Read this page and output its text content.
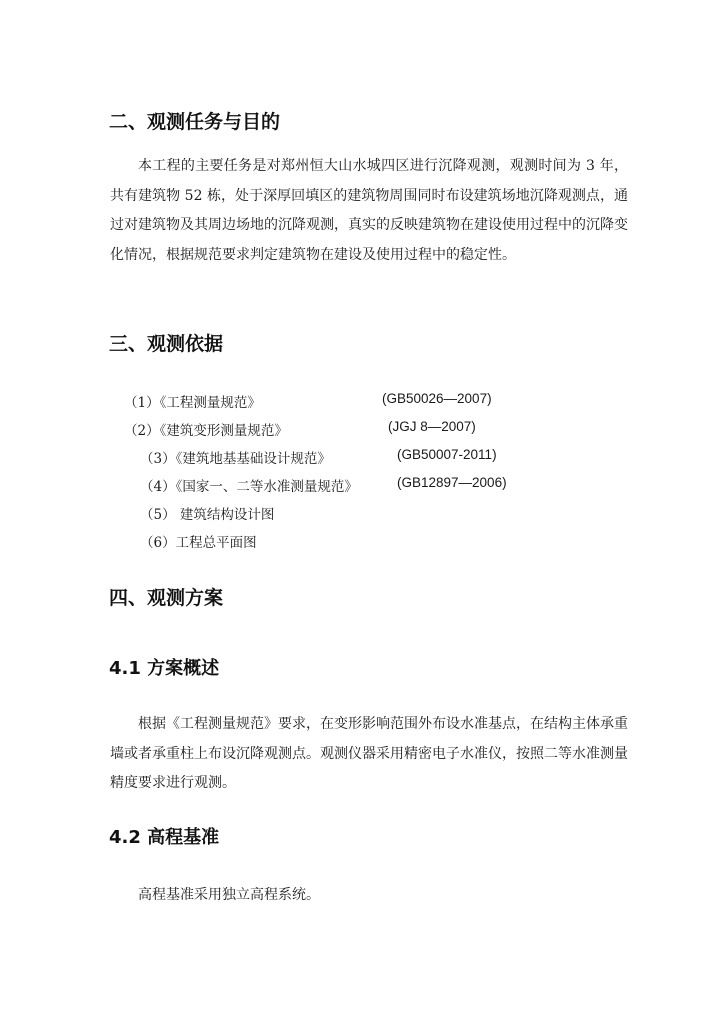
二、观测任务与目的

本工程的主要任务是对郑州恒大山水城四区进行沉降观测，观测时间为 3 年，共有建筑物 52 栋，处于深厚回填区的建筑物周围同时布设建筑场地沉降观测点，通过对建筑物及其周边场地的沉降观测，真实的反映建筑物在建设使用过程中的沉降变化情况，根据规范要求判定建筑物在建设及使用过程中的稳定性。

三、观测依据
（1）《工程测量规范》	(GB50026—2007)
（2）《建筑变形测量规范》	(JGJ 8—2007)
（3）《建筑地基基础设计规范》	(GB50007-2011)
（4）《国家一、二等水准测量规范》	(GB12897—2006)
（5） 建筑结构设计图
（6）工程总平面图
四、观测方案
4.1 方案概述

根据《工程测量规范》要求，在变形影响范围外布设水准基点，在结构主体承重墙或者承重柱上布设沉降观测点。观测仪器采用精密电子水准仪，按照二等水准测量精度要求进行观测。

4.2 高程基准
高程基准采用独立高程系统。
